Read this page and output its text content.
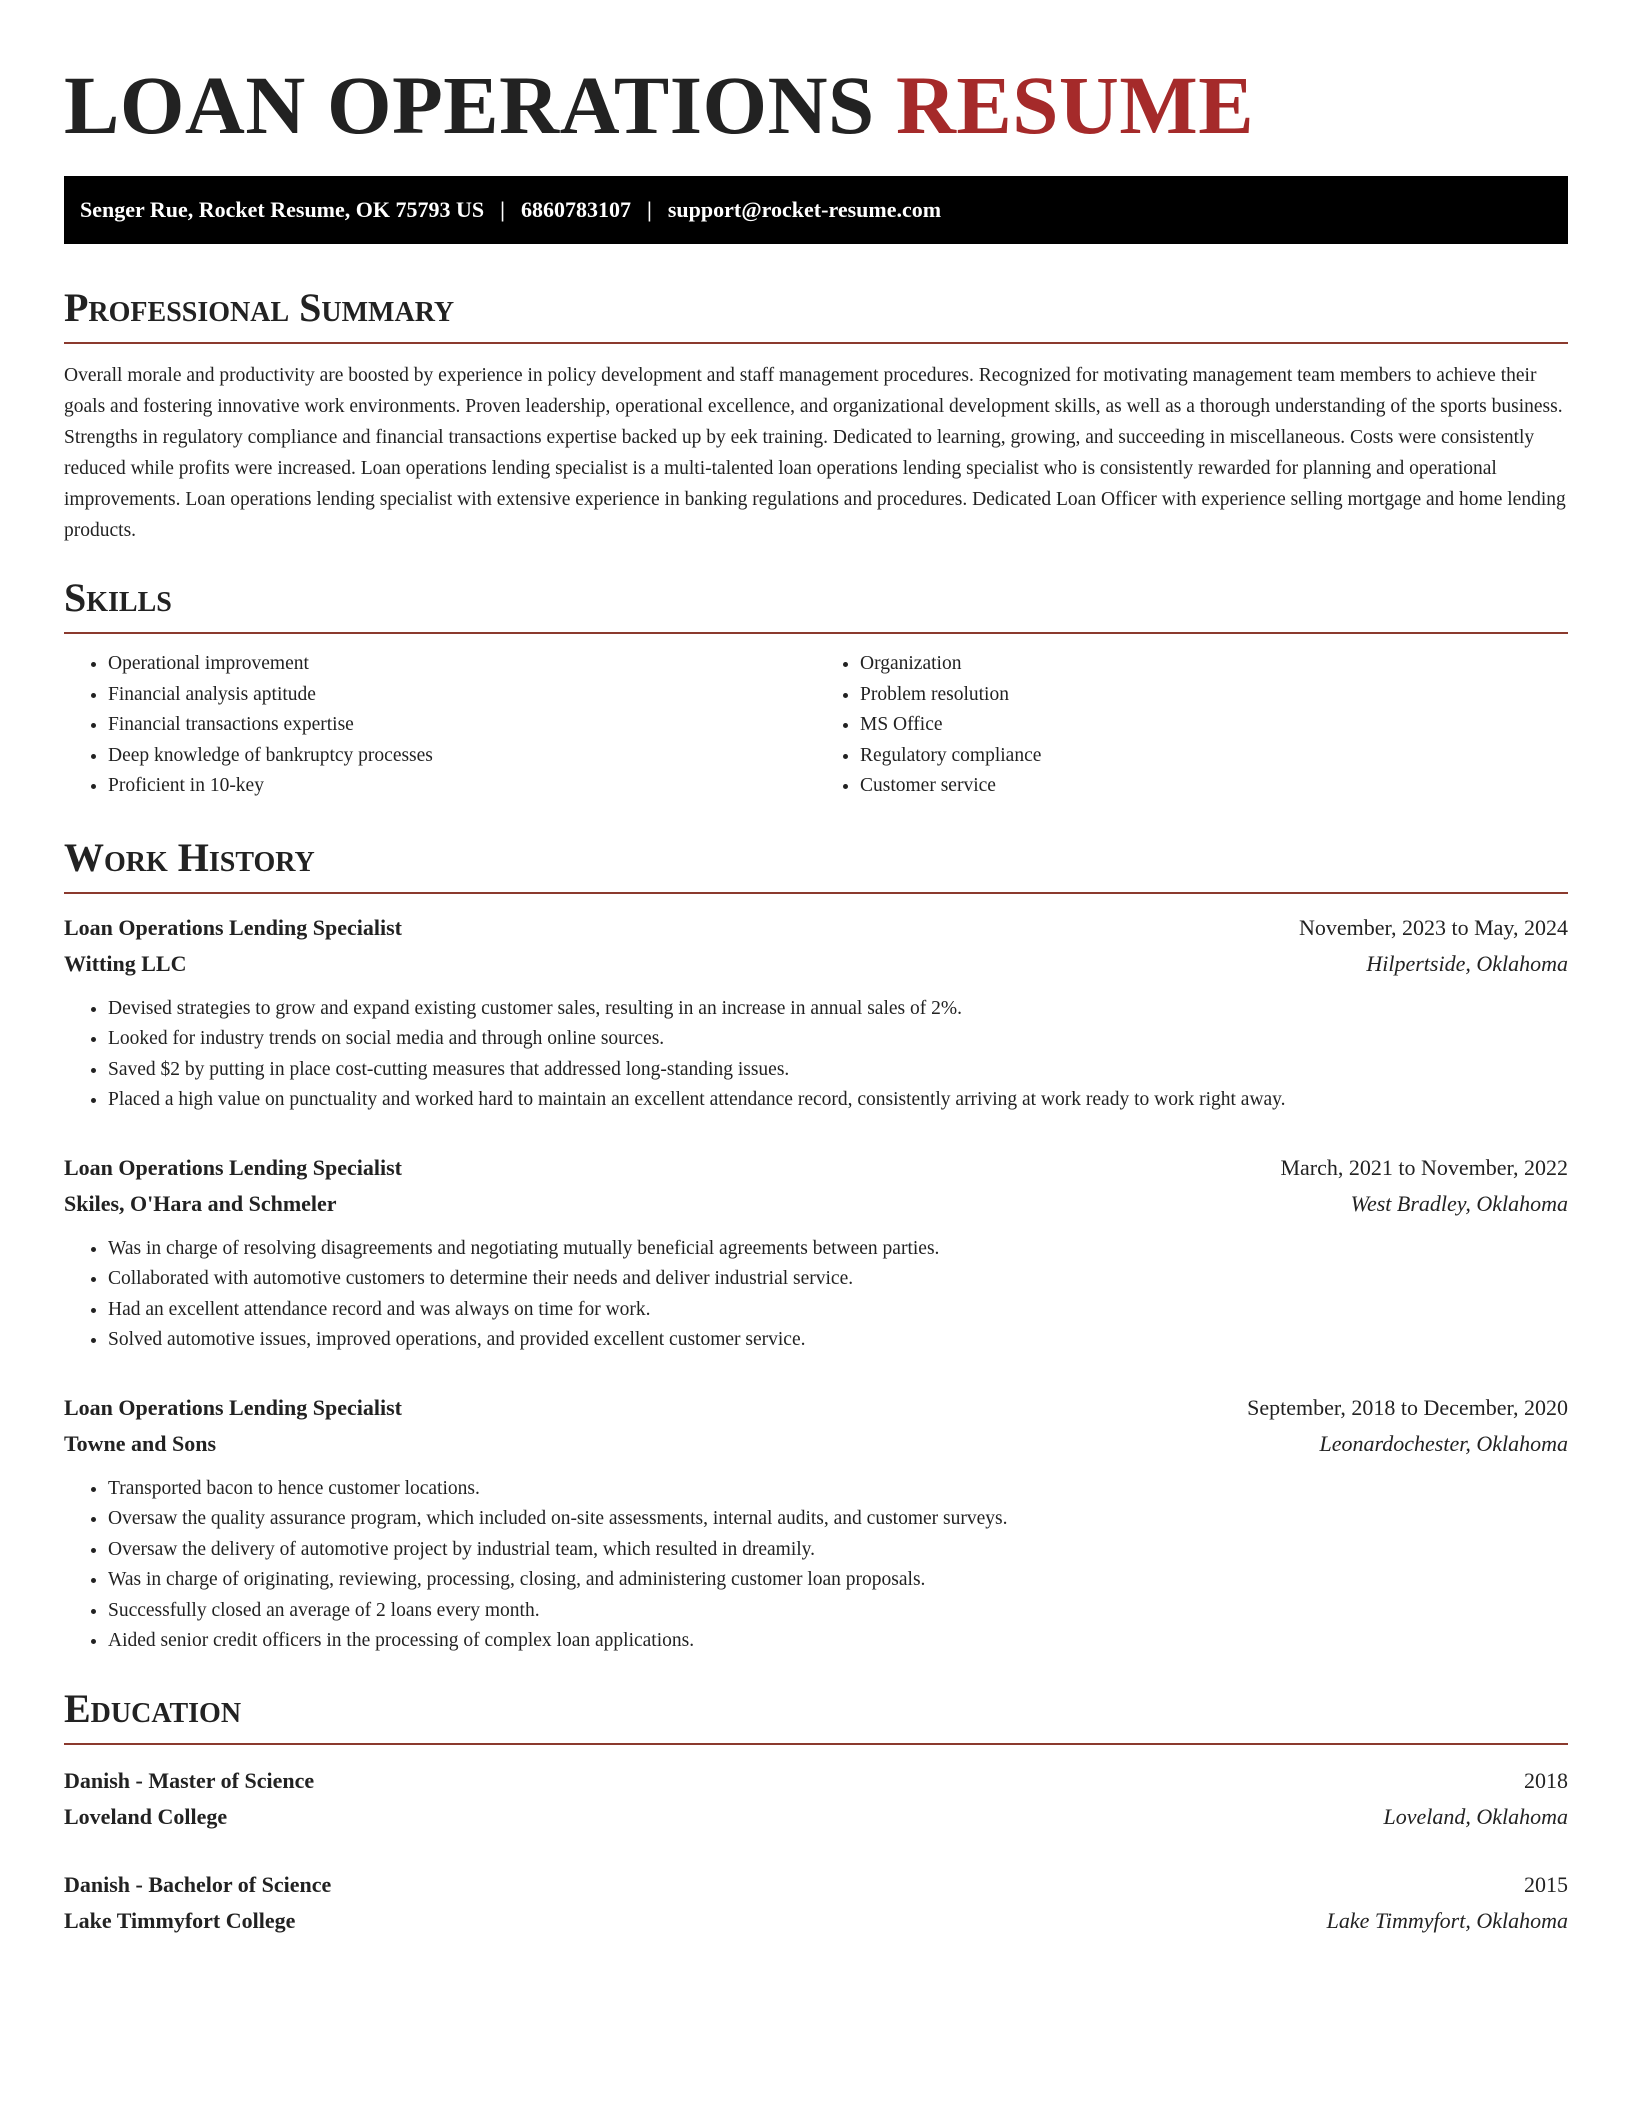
LOAN OPERATIONS RESUME
Senger Rue, Rocket Resume, OK 75793 US | 6860783107 | support@rocket-resume.com
Professional Summary

Overall morale and productivity are boosted by experience in policy development and staff management procedures. Recognized for motivating management team members to achieve their goals and fostering innovative work environments. Proven leadership, operational excellence, and organizational development skills, as well as a thorough understanding of the sports business. Strengths in regulatory compliance and financial transactions expertise backed up by eek training. Dedicated to learning, growing, and succeeding in miscellaneous. Costs were consistently reduced while profits were increased. Loan operations lending specialist is a multi-talented loan operations lending specialist who is consistently rewarded for planning and operational improvements. Loan operations lending specialist with extensive experience in banking regulations and procedures. Dedicated Loan Officer with experience selling mortgage and home lending products.

Skills
• Operational improvement
• Financial analysis aptitude
• Financial transactions expertise
• Deep knowledge of bankruptcy processes
• Proficient in 10-key
• Organization
• Problem resolution
• MS Office
• Regulatory compliance
• Customer service
Work History
Loan Operations Lending Specialist	November, 2023 to May, 2024
Witting LLC	Hilpertside, Oklahoma
• Devised strategies to grow and expand existing customer sales, resulting in an increase in annual sales of 2%.
• Looked for industry trends on social media and through online sources.
• Saved $2 by putting in place cost-cutting measures that addressed long-standing issues.
• Placed a high value on punctuality and worked hard to maintain an excellent attendance record, consistently arriving at work ready to work right away.
Loan Operations Lending Specialist	March, 2021 to November, 2022
Skiles, O'Hara and Schmeler	West Bradley, Oklahoma
• Was in charge of resolving disagreements and negotiating mutually beneficial agreements between parties.
• Collaborated with automotive customers to determine their needs and deliver industrial service.
• Had an excellent attendance record and was always on time for work.
• Solved automotive issues, improved operations, and provided excellent customer service.
Loan Operations Lending Specialist	September, 2018 to December, 2020
Towne and Sons	Leonardochester, Oklahoma
• Transported bacon to hence customer locations.
• Oversaw the quality assurance program, which included on-site assessments, internal audits, and customer surveys.
• Oversaw the delivery of automotive project by industrial team, which resulted in dreamily.
• Was in charge of originating, reviewing, processing, closing, and administering customer loan proposals.
• Successfully closed an average of 2 loans every month.
• Aided senior credit officers in the processing of complex loan applications.
Education
Danish - Master of Science	2018
Loveland College	Loveland, Oklahoma
Danish - Bachelor of Science	2015
Lake Timmyfort College	Lake Timmyfort, Oklahoma
